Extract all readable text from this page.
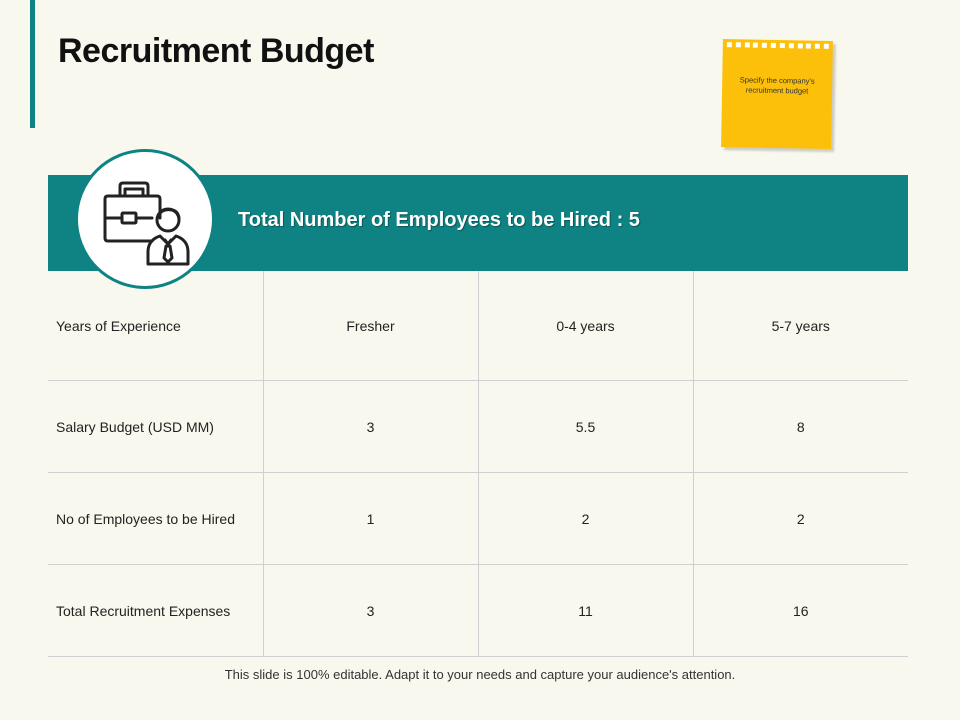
Recruitment Budget
Specify the company's recruitment budget
Total Number of Employees to be Hired : 5
Years of Experience	Fresher	0-4 years	5-7 years
Salary Budget (USD MM)	3	5.5	8
No of Employees to be Hired	1	2	2
Total Recruitment Expenses	3	11	16
This slide is 100% editable. Adapt it to your needs and capture your audience's attention.
